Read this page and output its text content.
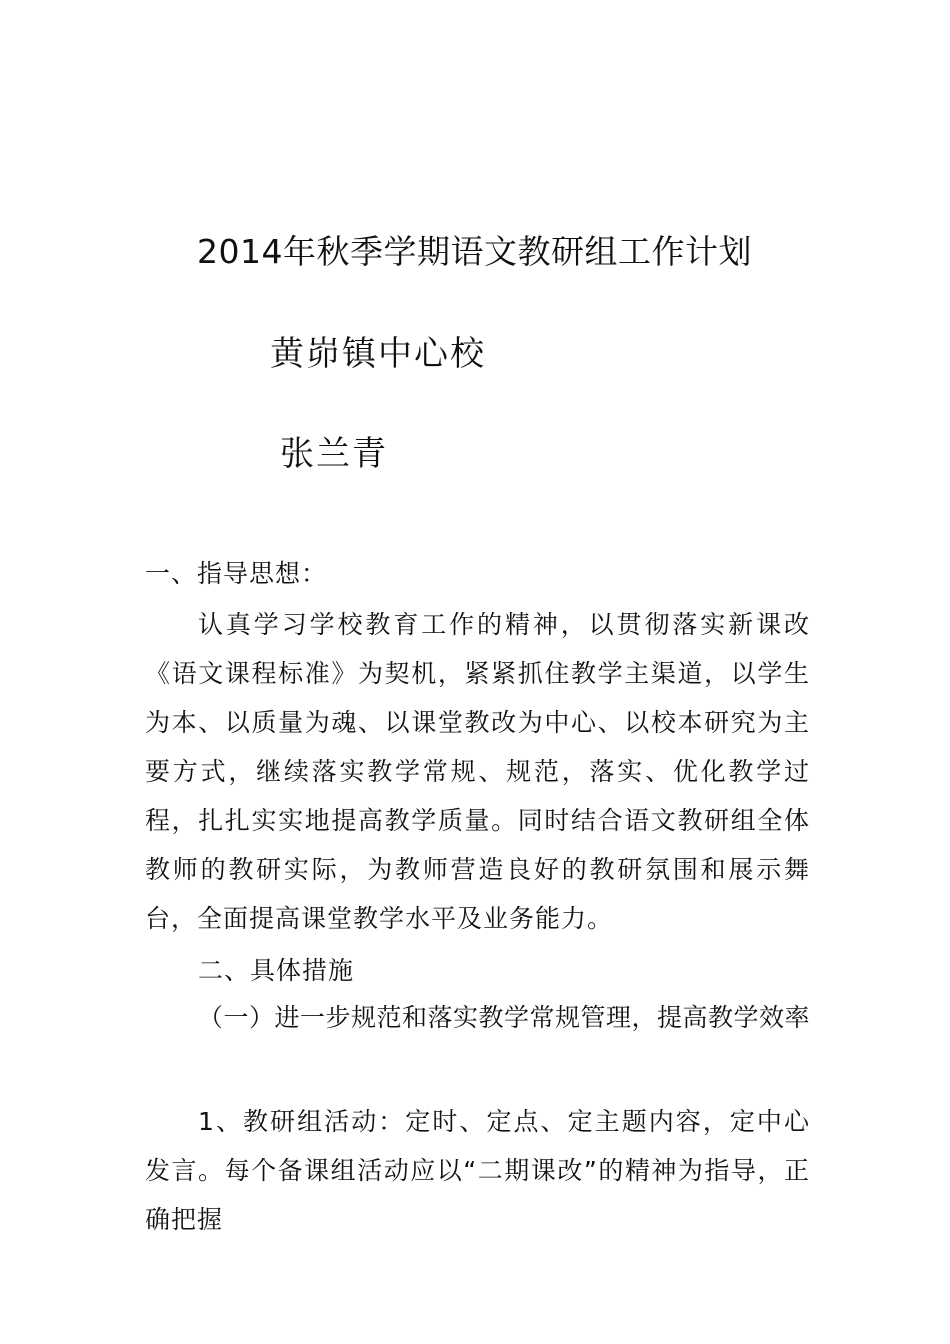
2014年秋季学期语文教研组工作计划
黄峁镇中心校
张兰青
一、指导思想：
认真学习学校教育工作的精神，以贯彻落实新课改《语文课程标准》为契机，紧紧抓住教学主渠道，以学生为本、以质量为魂、以课堂教改为中心、以校本研究为主要方式，继续落实教学常规、规范，落实、优化教学过程，扎扎实实地提高教学质量。同时结合语文教研组全体教师的教研实际，为教师营造良好的教研氛围和展示舞台，全面提高课堂教学水平及业务能力。
二、具体措施
（一）进一步规范和落实教学常规管理，提高教学效率
1、教研组活动：定时、定点、定主题内容，定中心发言。每个备课组活动应以“二期课改”的精神为指导，正确把握
